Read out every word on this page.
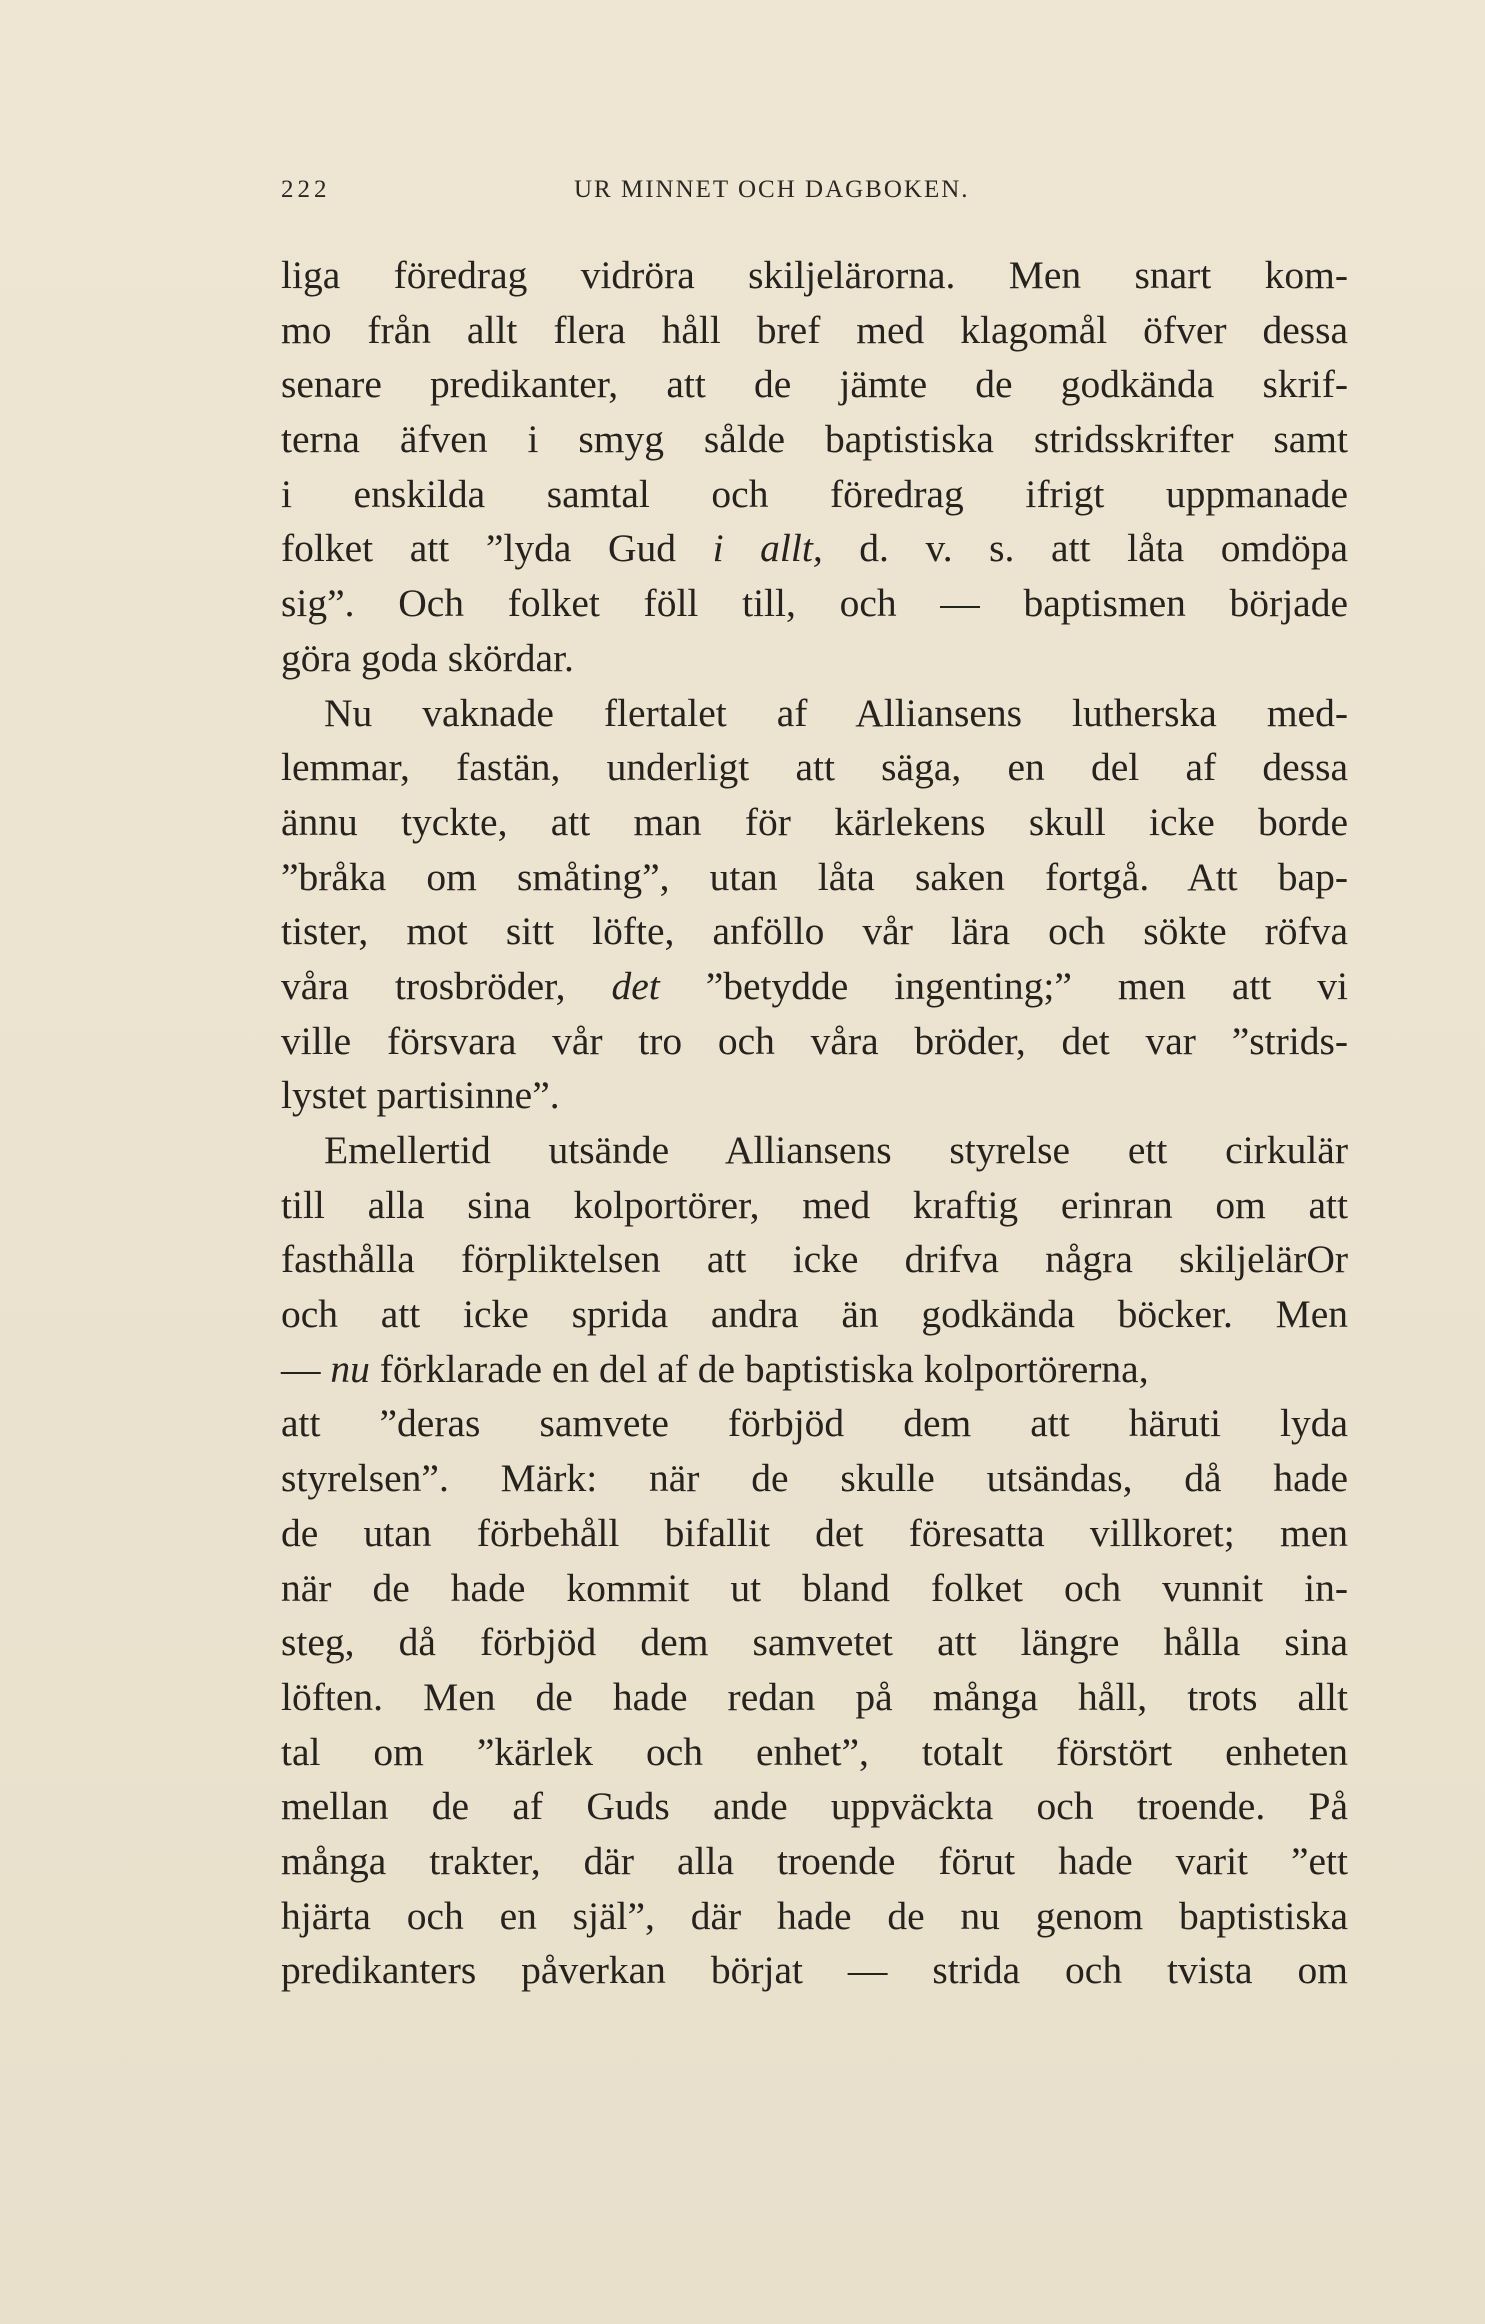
222	UR MINNET OCH DAGBOKEN.
liga föredrag vidröra skiljelärorna. Men snart kom-
mo från allt flera håll bref med klagomål öfver dessa
senare predikanter, att de jämte de godkända skrif-
terna äfven i smyg sålde baptistiska stridsskrifter samt
i enskilda samtal och föredrag ifrigt uppmanade
folket att ”lyda Gud i allt, d. v. s. att låta omdöpa
sig”. Och folket föll till, och — baptismen började
göra goda skördar.
Nu vaknade flertalet af Alliansens lutherska med-
lemmar, fastän, underligt att säga, en del af dessa
ännu tyckte, att man för kärlekens skull icke borde
”bråka om småting”, utan låta saken fortgå. Att bap-
tister, mot sitt löfte, anföllo vår lära och sökte röfva
våra trosbröder, det ”betydde ingenting;” men att vi
ville försvara vår tro och våra bröder, det var ”strids-
lystet partisinne”.
Emellertid utsände Alliansens styrelse ett cirkulär
till alla sina kolportörer, med kraftig erinran om att
fasthålla förpliktelsen att icke drifva några skiljelärOr
och att icke sprida andra än godkända böcker. Men
— nu förklarade en del af de baptistiska kolportörerna,
att ”deras samvete förbjöd dem att häruti lyda
styrelsen”. Märk: när de skulle utsändas, då hade
de utan förbehåll bifallit det föresatta villkoret; men
när de hade kommit ut bland folket och vunnit in-
steg, då förbjöd dem samvetet att längre hålla sina
löften. Men de hade redan på många håll, trots allt
tal om ”kärlek och enhet”, totalt förstört enheten
mellan de af Guds ande uppväckta och troende. På
många trakter, där alla troende förut hade varit ”ett
hjärta och en själ”, där hade de nu genom baptistiska
predikanters påverkan börjat — strida och tvista om
